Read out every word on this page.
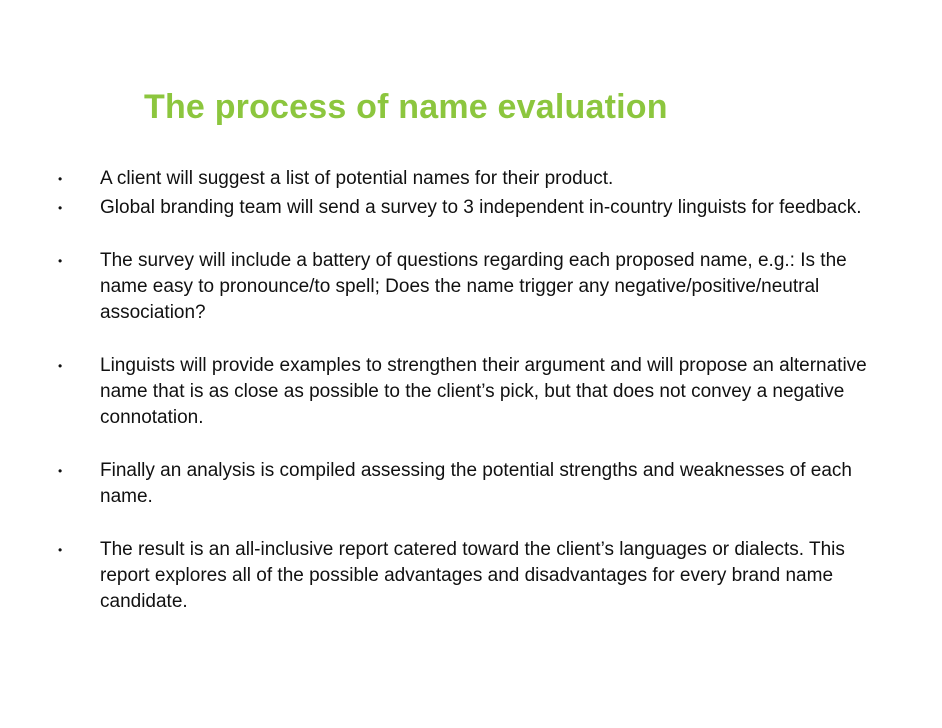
The process of name evaluation
• A client will suggest a list of potential names for their product.
• Global branding team will send a survey to 3 independent in-country linguists for feedback.
• The survey will include a battery of questions regarding each proposed name, e.g.: Is the name easy to pronounce/to spell; Does the name trigger any negative/positive/neutral association?
• Linguists will provide examples to strengthen their argument and will propose an alternative name that is as close as possible to the client’s pick, but that does not convey a negative connotation.
• Finally an analysis is compiled assessing the potential strengths and weaknesses of each name.
• The result is an all-inclusive report catered toward the client’s languages or dialects. This report explores all of the possible advantages and disadvantages for every brand name candidate.
